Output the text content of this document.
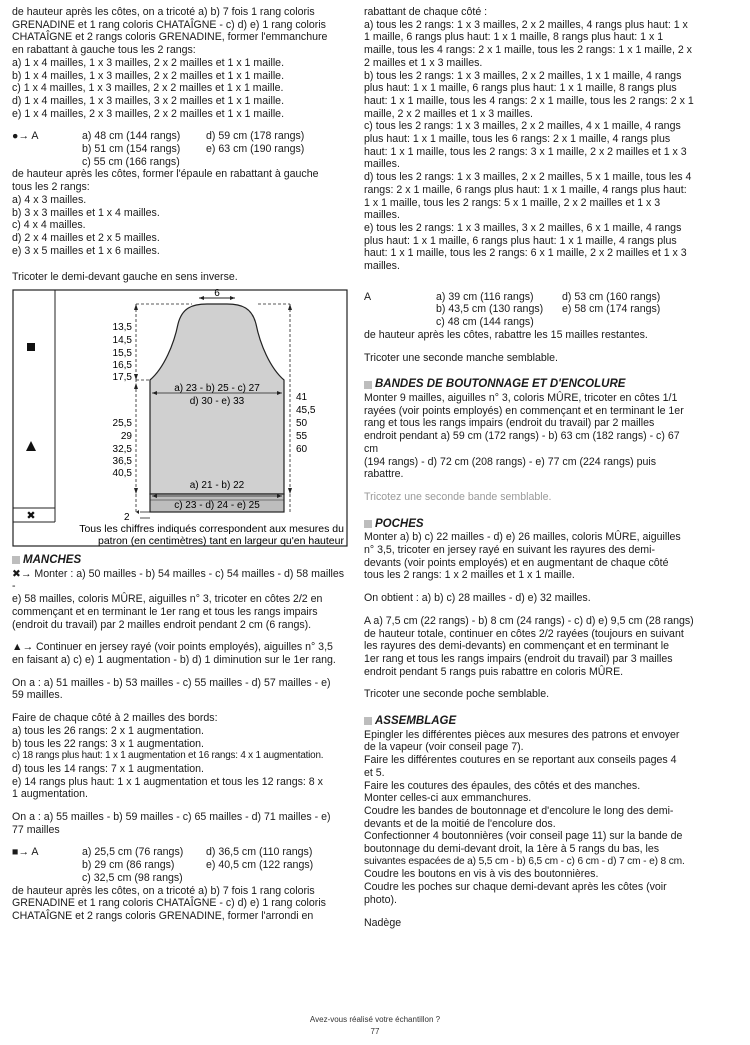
de hauteur après les côtes, on a tricoté a) b) 7 fois 1 rang coloris

GRENADINE et 1 rang coloris CHATAÎGNE - c) d) e) 1 rang coloris

CHATAÎGNE et 2 rangs coloris GRENADINE, former l'emmanchure

en rabattant à gauche tous les 2 rangs:

a) 1 x 4 mailles, 1 x 3 mailles, 2 x 2 mailles et 1 x 1 maille.

b) 1 x 4 mailles, 1 x 3 mailles, 2 x 2 mailles et 1 x 1 maille.

c) 1 x 4 mailles, 1 x 3 mailles, 2 x 2 mailles et 1 x 1 maille.

d) 1 x 4 mailles, 1 x 3 mailles, 3 x 2 mailles et 1 x 1 maille.

e) 1 x 4 mailles, 2 x 3 mailles, 2 x 2 mailles et 1 x 1 maille.

●→ A	a) 48 cm (144 rangs)	d) 59 cm (178 rangs)
	b) 51 cm (154 rangs)	e) 63 cm (190 rangs)
	c) 55 cm (166 rangs)	

de hauteur après les côtes, former l'épaule en rabattant à gauche

tous les 2 rangs:

a) 4 x 3 mailles.

b) 3 x 3 mailles et 1 x 4 mailles.

c) 4 x 4 mailles.

d) 2 x 4 mailles et 2 x 5 mailles.

e) 3 x 5 mailles et 1 x 6 mailles.

Tricoter le demi-devant gauche en sens inverse.

✖
6
13,5
14,5
15,5
16,5
17,5
25,5
29
32,5
36,5
40,5
41
45,5
50
55
60
a) 23 - b) 25 - c) 27
d) 30 - e) 33
a) 21 - b) 22
c) 23 - d) 24 - e) 25
2
Tous les chiffres indiqués correspondent aux mesures du
patron (en centimètres) tant en largeur qu'en hauteur
MANCHES

✖→ Monter : a) 50 mailles - b) 54 mailles - c) 54 mailles - d) 58 mailles -

e) 58 mailles, coloris MÛRE, aiguilles n° 3, tricoter en côtes 2/2 en

commençant et en terminant le 1er rang et tous les rangs impairs

(endroit du travail) par 2 mailles endroit pendant 2 cm (6 rangs).

▲→ Continuer en jersey rayé (voir points employés), aiguilles n° 3,5

en faisant a) c) e) 1 augmentation - b) d) 1 diminution sur le 1er rang.

On a : a) 51 mailles - b) 53 mailles - c) 55 mailles - d) 57 mailles - e)

59 mailles.

Faire de chaque côté à 2 mailles des bords:

a) tous les 26 rangs: 2 x 1 augmentation.

b) tous les 22 rangs: 3 x 1 augmentation.

c) 18 rangs plus haut: 1 x 1 augmentation et 16 rangs: 4 x 1 augmentation.

d) tous les 14 rangs: 7 x 1 augmentation.

e) 14 rangs plus haut: 1 x 1 augmentation et tous les 12 rangs: 8 x

1 augmentation.

On a : a) 55 mailles - b) 59 mailles - c) 65 mailles - d) 71 mailles - e)

77 mailles

■→ A	a) 25,5 cm (76 rangs)	d) 36,5 cm (110 rangs)
	b) 29 cm (86 rangs)	e) 40,5 cm (122 rangs)
	c) 32,5 cm (98 rangs)	

de hauteur après les côtes, on a tricoté a) b) 7 fois 1 rang coloris

GRENADINE et 1 rang coloris CHATAÎGNE - c) d) e) 1 rang coloris

CHATAÎGNE et 2 rangs coloris GRENADINE, former l'arrondi en

rabattant de chaque côté :

a) tous les 2 rangs: 1 x 3 mailles, 2 x 2 mailles, 4 rangs plus haut: 1 x

1 maille, 6 rangs plus haut: 1 x 1 maille, 8 rangs plus haut: 1 x 1

maille, tous les 4 rangs: 2 x 1 maille, tous les 2 rangs: 1 x 1 maille, 2 x

2 mailles et 1 x 3 mailles.

b) tous les 2 rangs: 1 x 3 mailles, 2 x 2 mailles, 1 x 1 maille, 4 rangs

plus haut: 1 x 1 maille, 6 rangs plus haut: 1 x 1 maille, 8 rangs plus

haut: 1 x 1 maille, tous les 4 rangs: 2 x 1 maille, tous les 2 rangs: 2 x 1

maille, 2 x 2 mailles et 1 x 3 mailles.

c) tous les 2 rangs: 1 x 3 mailles, 2 x 2 mailles, 4 x 1 maille, 4 rangs

plus haut: 1 x 1 maille, tous les 6 rangs: 2 x 1 maille, 4 rangs plus

haut: 1 x 1 maille, tous les 2 rangs: 3 x 1 maille, 2 x 2 mailles et 1 x 3

mailles.

d) tous les 2 rangs: 1 x 3 mailles, 2 x 2 mailles, 5 x 1 maille, tous les 4

rangs: 2 x 1 maille, 6 rangs plus haut: 1 x 1 maille, 4 rangs plus haut:

1 x 1 maille, tous les 2 rangs: 5 x 1 maille, 2 x 2 mailles et 1 x 3

mailles.

e) tous les 2 rangs: 1 x 3 mailles, 3 x 2 mailles, 6 x 1 maille, 4 rangs

plus haut: 1 x 1 maille, 6 rangs plus haut: 1 x 1 maille, 4 rangs plus

haut: 1 x 1 maille, tous les 2 rangs: 6 x 1 maille, 2 x 2 mailles et 1 x 3

mailles.

A	a) 39 cm (116 rangs)	d) 53 cm (160 rangs)
	b) 43,5 cm (130 rangs)	e) 58 cm (174 rangs)
	c) 48 cm (144 rangs)	

de hauteur après les côtes, rabattre les 15 mailles restantes.

Tricoter une seconde manche semblable.

BANDES DE BOUTONNAGE ET D'ENCOLURE

Monter 9 mailles, aiguilles n° 3, coloris MÛRE, tricoter en côtes 1/1

rayées (voir points employés) en commençant et en terminant le 1er

rang et tous les rangs impairs (endroit du travail) par 2 mailles

endroit pendant a) 59 cm (172 rangs) - b) 63 cm (182 rangs) - c) 67 cm

(194 rangs) - d) 72 cm (208 rangs) - e) 77 cm (224 rangs) puis

rabattre.

Tricotez une seconde bande semblable.

POCHES

Monter a) b) c) 22 mailles - d) e) 26 mailles, coloris MÛRE, aiguilles

n° 3,5, tricoter en jersey rayé en suivant les rayures des demi-

devants (voir points employés) et en augmentant de chaque côté

tous les 2 rangs: 1 x 2 mailles et 1 x 1 maille.

On obtient : a) b) c) 28 mailles - d) e) 32 mailles.

A a) 7,5 cm (22 rangs) - b) 8 cm (24 rangs) - c) d) e) 9,5 cm (28 rangs)

de hauteur totale, continuer en côtes 2/2 rayées (toujours en suivant

les rayures des demi-devants) en commençant et en terminant le

1er rang et tous les rangs impairs (endroit du travail) par 3 mailles

endroit pendant 5 rangs puis rabattre en coloris MÛRE.

Tricoter une seconde poche semblable.

ASSEMBLAGE

Epingler les différentes pièces aux mesures des patrons et envoyer

de la vapeur (voir conseil page 7).

Faire les différentes coutures en se reportant aux conseils pages 4

et 5.

Faire les coutures des épaules, des côtés et des manches.

Monter celles-ci aux emmanchures.

Coudre les bandes de boutonnage et d'encolure le long des demi-

devants et de la moitié de l'encolure dos.

Confectionner 4 boutonnières (voir conseil page 11) sur la bande de

boutonnage du demi-devant droit, la 1ère à 5 rangs du bas, les

suivantes espacées de a) 5,5 cm - b) 6,5 cm - c) 6 cm - d) 7 cm - e) 8 cm.

Coudre les boutons en vis à vis des boutonnières.

Coudre les poches sur chaque demi-devant après les côtes (voir

photo).

Nadège

Avez-vous réalisé votre échantillon ?
77
